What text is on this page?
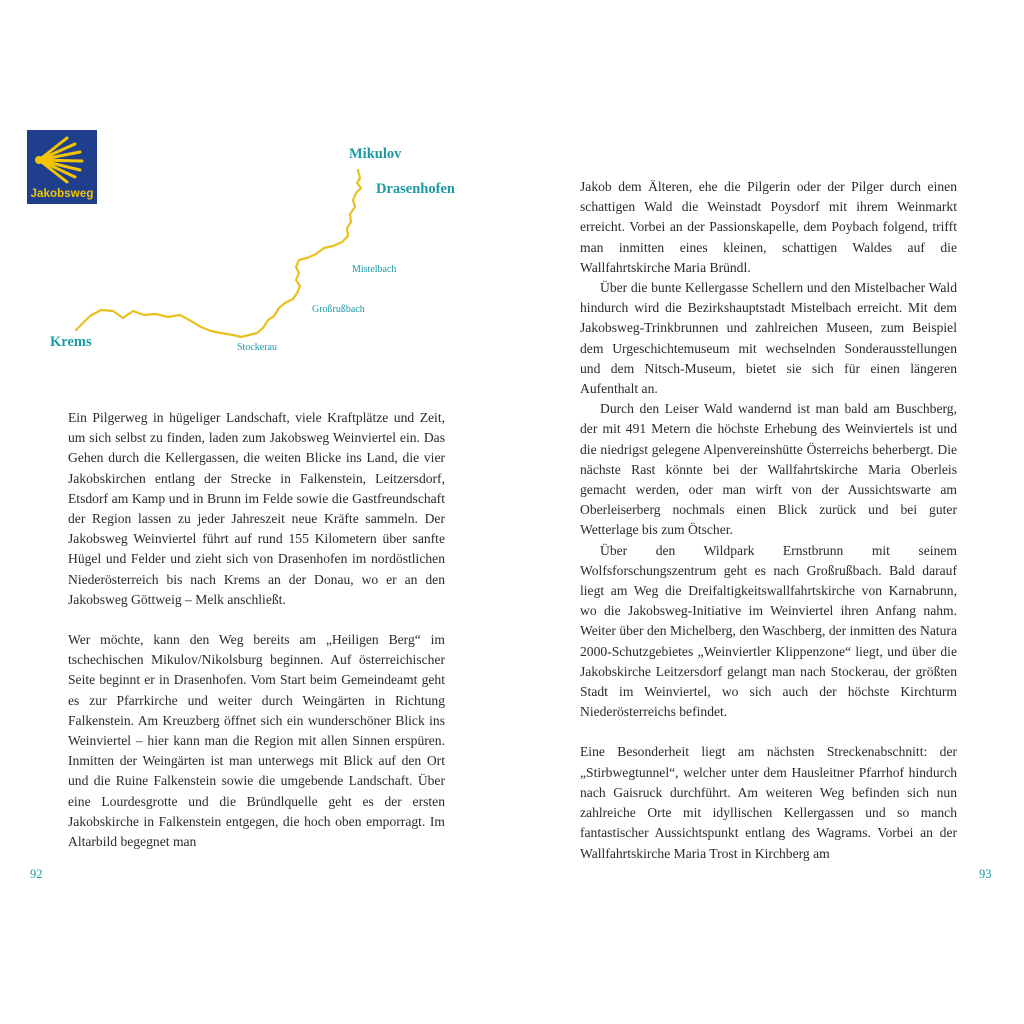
Jakobsweg
Mikulov
Drasenhofen
Mistelbach
Großrußbach
Krems	Stockerau

Ein Pilgerweg in hügeliger Landschaft, viele Kraftplätze und Zeit, um sich selbst zu finden, laden zum Jakobsweg Weinviertel ein. Das Gehen durch die Kellergassen, die weiten Blicke ins Land, die vier Jakobskirchen entlang der Strecke in Falkenstein, Leitzersdorf, Etsdorf am Kamp und in Brunn im Felde sowie die Gastfreundschaft der Region lassen zu jeder Jahreszeit neue Kräfte sammeln. Der Jakobsweg Weinviertel führt auf rund 155 Kilometern über sanfte Hügel und Felder und zieht sich von Drasenhofen im nordöstlichen Niederösterreich bis nach Krems an der Donau, wo er an den Jakobsweg Göttweig – Melk anschließt.

Wer möchte, kann den Weg bereits am „Heiligen Berg“ im tschechischen Mikulov/Nikolsburg beginnen. Auf österreichischer Seite beginnt er in Drasenhofen. Vom Start beim Gemeindeamt geht es zur Pfarrkirche und weiter durch Weingärten in Richtung Falkenstein. Am Kreuzberg öffnet sich ein wunderschöner Blick ins Weinviertel – hier kann man die Region mit allen Sinnen erspüren. Inmitten der Weingärten ist man unterwegs mit Blick auf den Ort und die Ruine Falkenstein sowie die umgebende Landschaft. Über eine Lourdesgrotte und die Bründlquelle geht es der ersten Jakobskirche in Falkenstein entgegen, die hoch oben emporragt. Im Altarbild begegnet man

92

Jakob dem Älteren, ehe die Pilgerin oder der Pilger durch einen schattigen Wald die Weinstadt Poysdorf mit ihrem Weinmarkt erreicht. Vorbei an der Passionskapelle, dem Poybach folgend, trifft man inmitten eines kleinen, schattigen Waldes auf die Wallfahrtskirche Maria Bründl.

Über die bunte Kellergasse Schellern und den Mistelbacher Wald hindurch wird die Bezirkshauptstadt Mistelbach erreicht. Mit dem Jakobsweg-Trinkbrunnen und zahlreichen Museen, zum Beispiel dem Urgeschichtemuseum mit wechselnden Sonderausstellungen und dem Nitsch-Museum, bietet sie sich für einen längeren Aufenthalt an.

Durch den Leiser Wald wandernd ist man bald am Buschberg, der mit 491 Metern die höchste Erhebung des Weinviertels ist und die niedrigst gelegene Alpenvereinshütte Österreichs beherbergt. Die nächste Rast könnte bei der Wallfahrtskirche Maria Oberleis gemacht werden, oder man wirft von der Aussichtswarte am Oberleiserberg nochmals einen Blick zurück und bei guter Wetterlage bis zum Ötscher.

Über den Wildpark Ernstbrunn mit seinem Wolfsforschungszentrum geht es nach Großrußbach. Bald darauf liegt am Weg die Dreifaltigkeitswallfahrtskirche von Karnabrunn, wo die Jakobsweg-Initiative im Weinviertel ihren Anfang nahm. Weiter über den Michelberg, den Waschberg, der inmitten des Natura 2000-Schutzgebietes „Weinviertler Klippenzone“ liegt, und über die Jakobskirche Leitzersdorf gelangt man nach Stockerau, der größten Stadt im Weinviertel, wo sich auch der höchste Kirchturm Niederösterreichs befindet.

Eine Besonderheit liegt am nächsten Streckenabschnitt: der „Stirbwegtunnel“, welcher unter dem Hausleitner Pfarrhof hindurch nach Gaisruck durchführt. Am weiteren Weg befinden sich nun zahlreiche Orte mit idyllischen Kellergassen und so manch fantastischer Aussichtspunkt entlang des Wagrams. Vorbei an der Wallfahrtskirche Maria Trost in Kirchberg am

93
